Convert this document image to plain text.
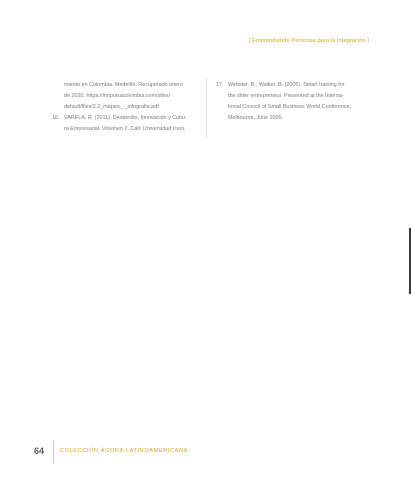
[ Emprendiendo Personas para la Integración ]
miento en Colombia. Medellín. Recuperado enero
de 2020. https://innpulsacolombia.com/sites/
default/files/2.2_mapeo_-_infografia.pdf
16. VARELA, R. (2011). Desarrollo, Innovación y Cultu-
ra Empresarial. Volumen 2. Cali: Universidad Icesi.
17. Webster, B.; Walker, B. (2005). Smart training for
the older entrepreneur. Presented at the Interna-
tional Council of Small Business World Conference,
Melbourne, June 2005.
64	COLECCIÓN ÁGORA LATINOAMERICANA
